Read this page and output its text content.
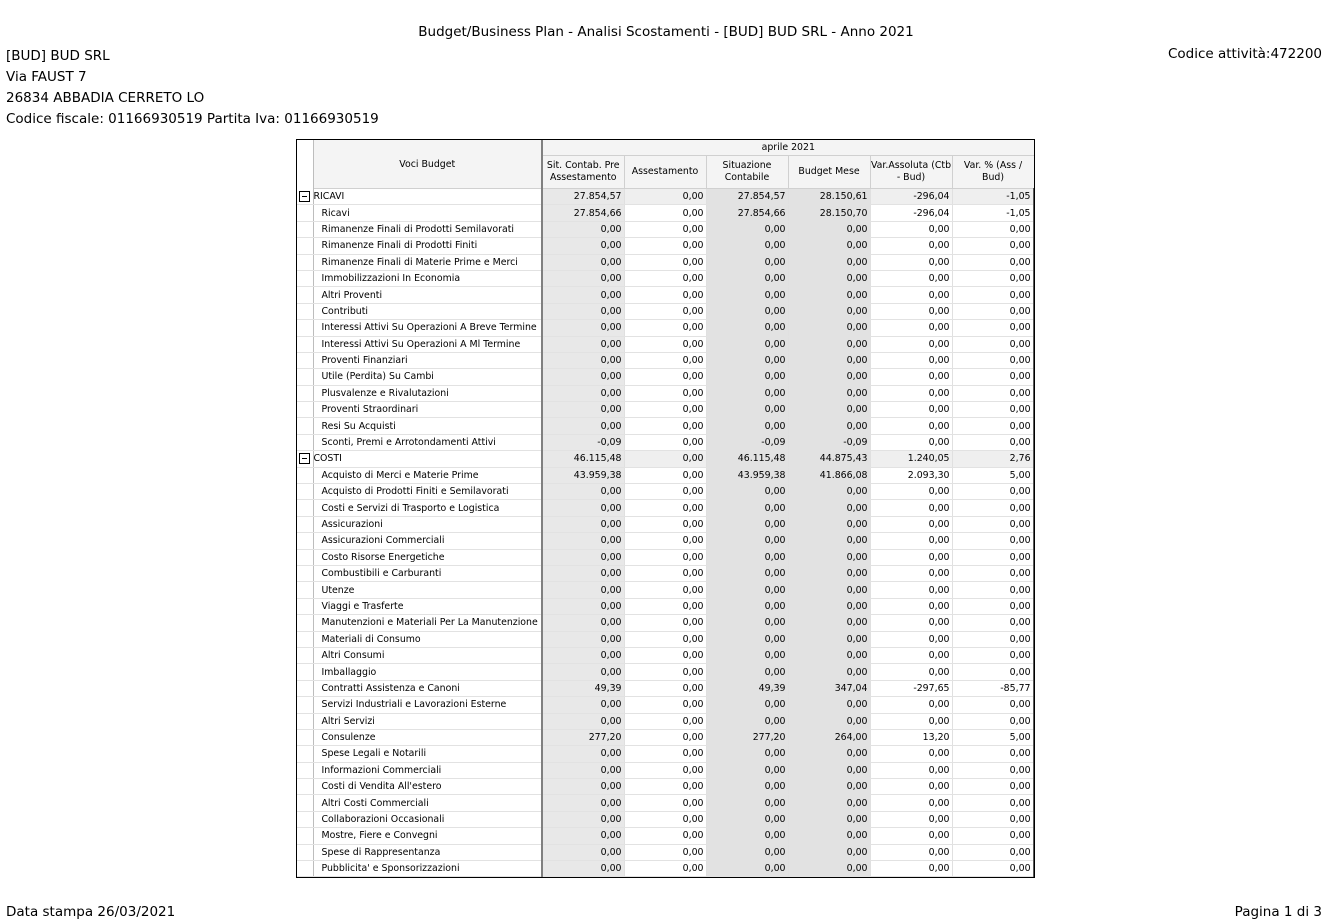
Budget/Business Plan - Analisi Scostamenti - [BUD] BUD SRL - Anno 2021
[BUD] BUD SRL
Via FAUST 7
26834 ABBADIA CERRETO LO
Codice fiscale: 01166930519 Partita Iva: 01166930519
Codice attività:472200
	Voci Budget	aprile 2021					
		Sit. Contab. Pre Assestamento	Assestamento	Situazione Contabile	Budget Mese	Var.Assoluta (Ctb - Bud)	Var. % (Ass / Bud)
	RICAVI	27.854,57	0,00	27.854,57	28.150,61	-296,04	-1,05
	Ricavi	27.854,66	0,00	27.854,66	28.150,70	-296,04	-1,05
	Rimanenze Finali di Prodotti Semilavorati	0,00	0,00	0,00	0,00	0,00	0,00
	Rimanenze Finali di Prodotti Finiti	0,00	0,00	0,00	0,00	0,00	0,00
	Rimanenze Finali di Materie Prime e Merci	0,00	0,00	0,00	0,00	0,00	0,00
	Immobilizzazioni In Economia	0,00	0,00	0,00	0,00	0,00	0,00
	Altri Proventi	0,00	0,00	0,00	0,00	0,00	0,00
	Contributi	0,00	0,00	0,00	0,00	0,00	0,00
	Interessi Attivi Su Operazioni A Breve Termine	0,00	0,00	0,00	0,00	0,00	0,00
	Interessi Attivi Su Operazioni A Ml Termine	0,00	0,00	0,00	0,00	0,00	0,00
	Proventi Finanziari	0,00	0,00	0,00	0,00	0,00	0,00
	Utile (Perdita) Su Cambi	0,00	0,00	0,00	0,00	0,00	0,00
	Plusvalenze e Rivalutazioni	0,00	0,00	0,00	0,00	0,00	0,00
	Proventi Straordinari	0,00	0,00	0,00	0,00	0,00	0,00
	Resi Su Acquisti	0,00	0,00	0,00	0,00	0,00	0,00
	Sconti, Premi e Arrotondamenti Attivi	-0,09	0,00	-0,09	-0,09	0,00	0,00
	COSTI	46.115,48	0,00	46.115,48	44.875,43	1.240,05	2,76
	Acquisto di Merci e Materie Prime	43.959,38	0,00	43.959,38	41.866,08	2.093,30	5,00
	Acquisto di Prodotti Finiti e Semilavorati	0,00	0,00	0,00	0,00	0,00	0,00
	Costi e Servizi di Trasporto e Logistica	0,00	0,00	0,00	0,00	0,00	0,00
	Assicurazioni	0,00	0,00	0,00	0,00	0,00	0,00
	Assicurazioni Commerciali	0,00	0,00	0,00	0,00	0,00	0,00
	Costo Risorse Energetiche	0,00	0,00	0,00	0,00	0,00	0,00
	Combustibili e Carburanti	0,00	0,00	0,00	0,00	0,00	0,00
	Utenze	0,00	0,00	0,00	0,00	0,00	0,00
	Viaggi e Trasferte	0,00	0,00	0,00	0,00	0,00	0,00
	Manutenzioni e Materiali Per La Manutenzione	0,00	0,00	0,00	0,00	0,00	0,00
	Materiali di Consumo	0,00	0,00	0,00	0,00	0,00	0,00
	Altri Consumi	0,00	0,00	0,00	0,00	0,00	0,00
	Imballaggio	0,00	0,00	0,00	0,00	0,00	0,00
	Contratti Assistenza e Canoni	49,39	0,00	49,39	347,04	-297,65	-85,77
	Servizi Industriali e Lavorazioni Esterne	0,00	0,00	0,00	0,00	0,00	0,00
	Altri Servizi	0,00	0,00	0,00	0,00	0,00	0,00
	Consulenze	277,20	0,00	277,20	264,00	13,20	5,00
	Spese Legali e Notarili	0,00	0,00	0,00	0,00	0,00	0,00
	Informazioni Commerciali	0,00	0,00	0,00	0,00	0,00	0,00
	Costi di Vendita All'estero	0,00	0,00	0,00	0,00	0,00	0,00
	Altri Costi Commerciali	0,00	0,00	0,00	0,00	0,00	0,00
	Collaborazioni Occasionali	0,00	0,00	0,00	0,00	0,00	0,00
	Mostre, Fiere e Convegni	0,00	0,00	0,00	0,00	0,00	0,00
	Spese di Rappresentanza	0,00	0,00	0,00	0,00	0,00	0,00
	Pubblicita' e Sponsorizzazioni	0,00	0,00	0,00	0,00	0,00	0,00
Data stampa 26/03/2021	Pagina 1 di 3
